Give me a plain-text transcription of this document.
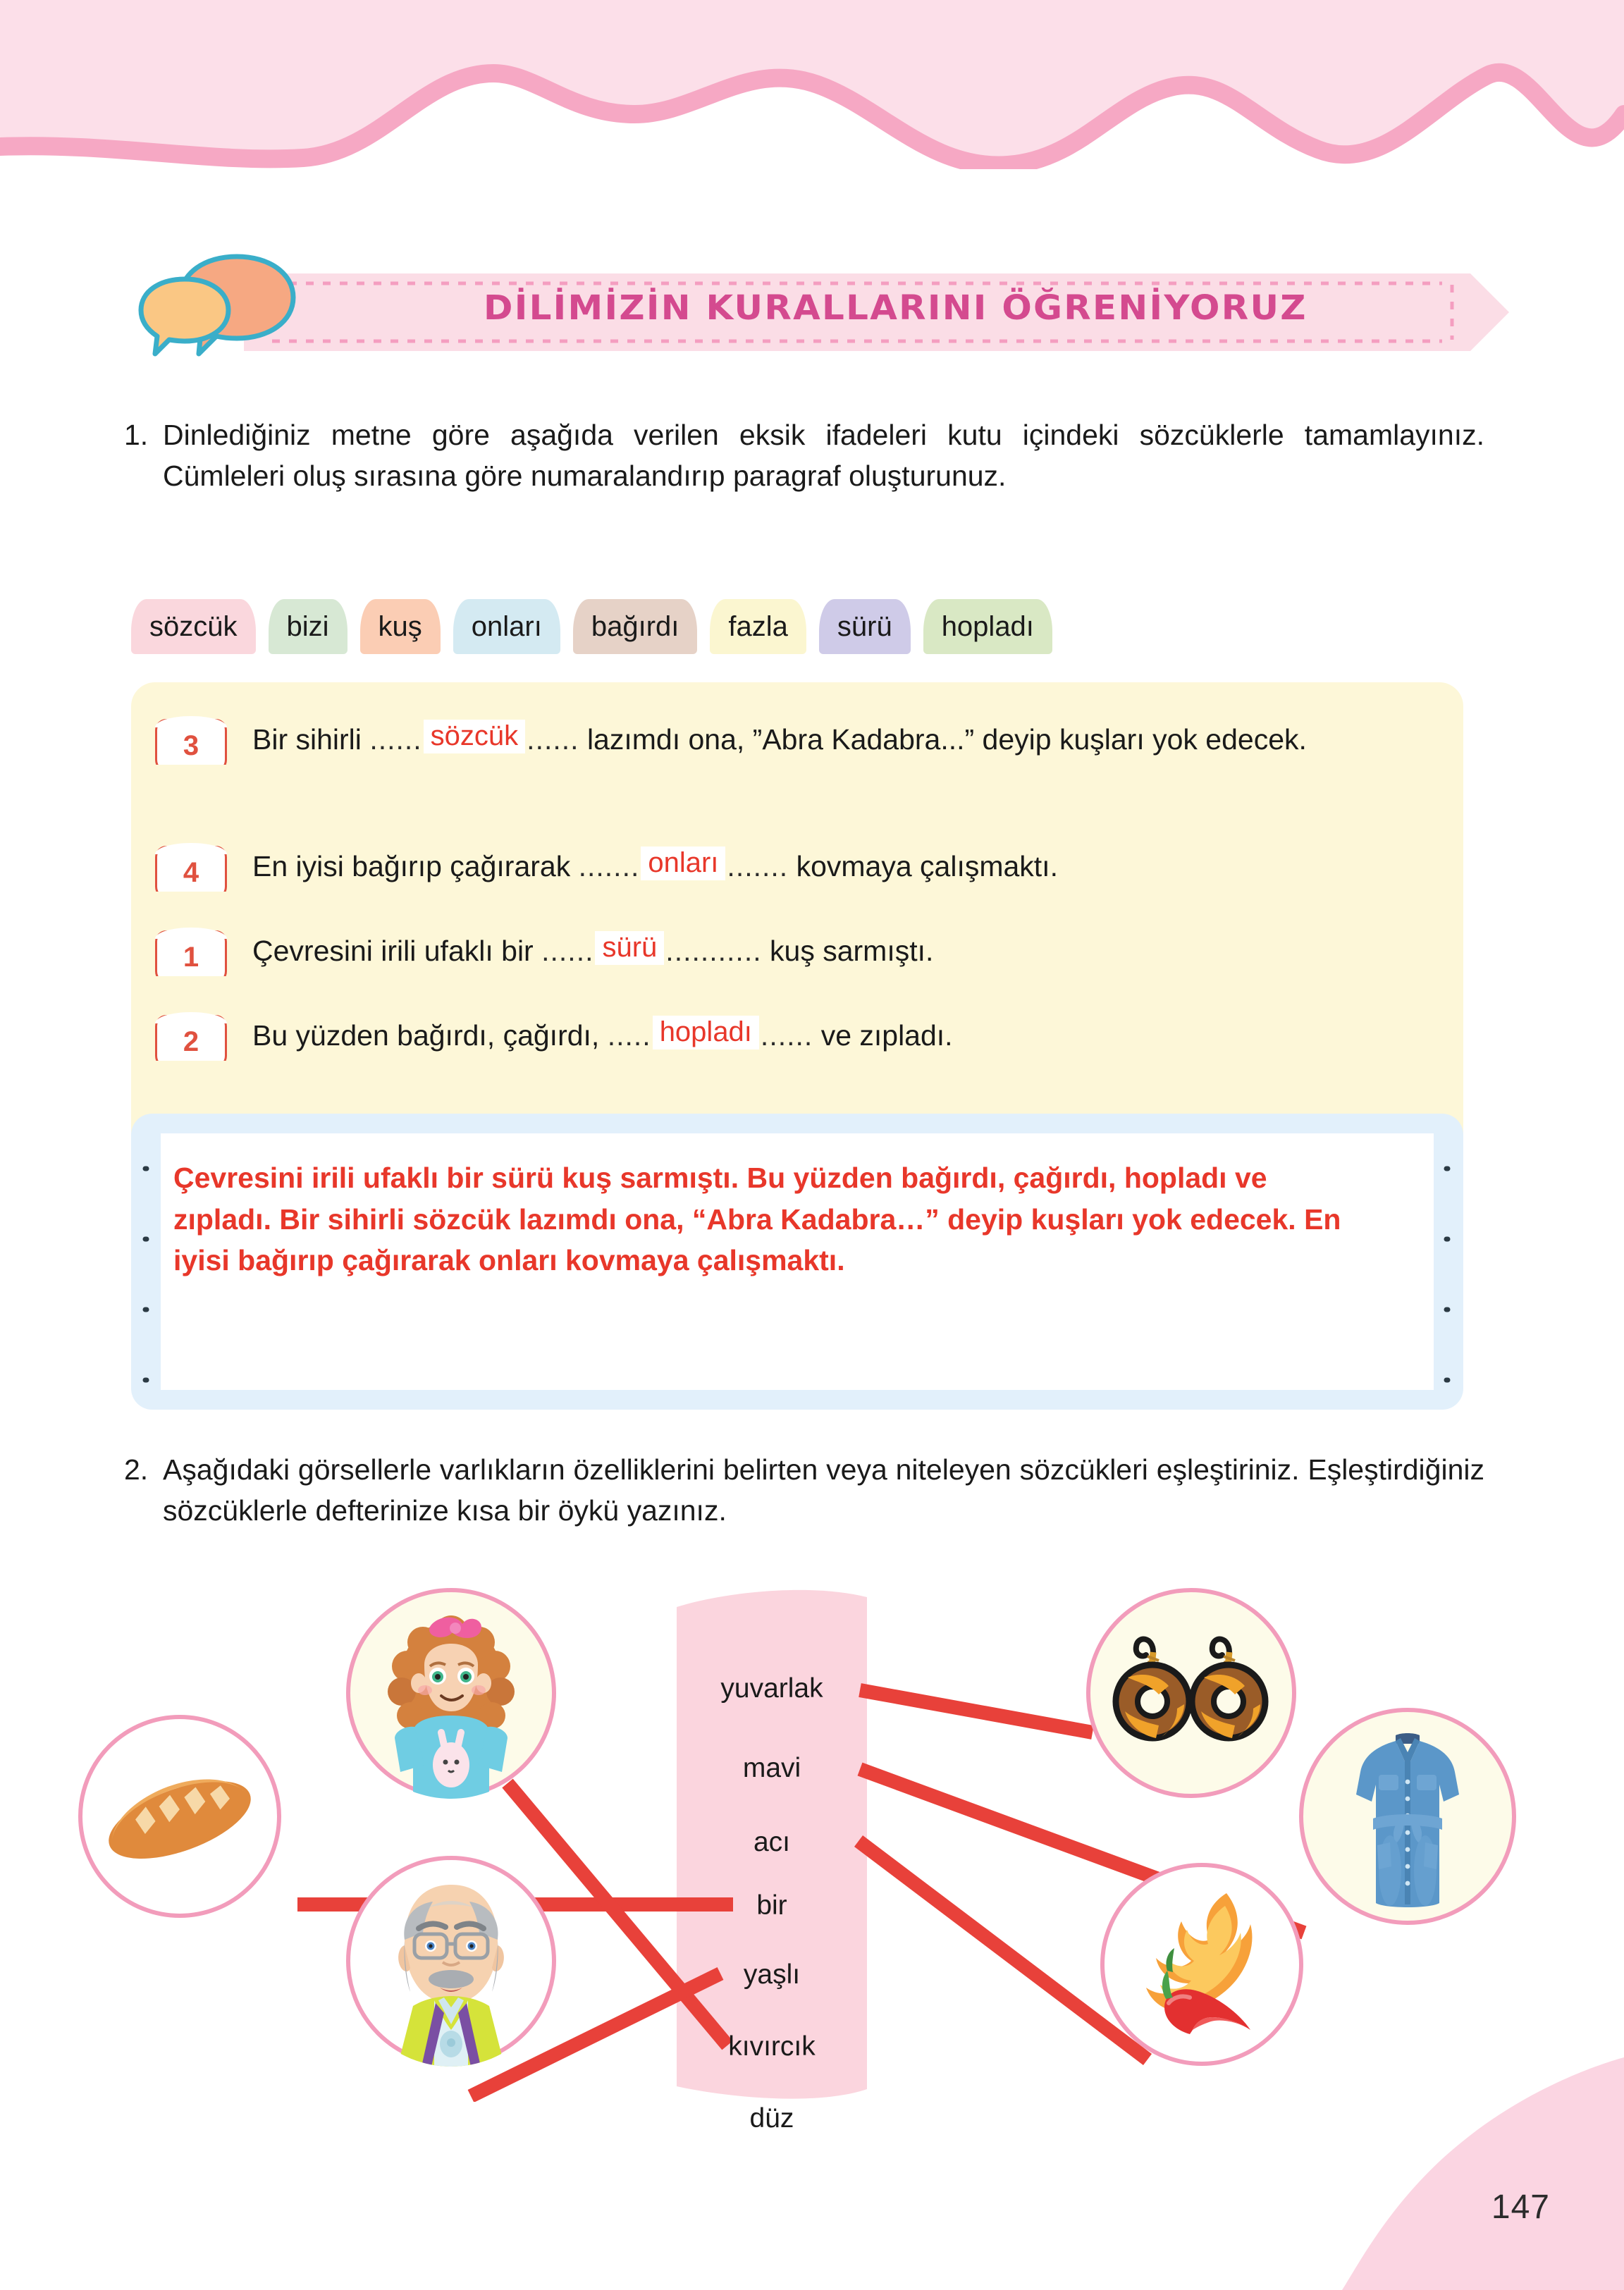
147
DİLİMİZİN KURALLARINI ÖĞRENİYORUZ
1. Dinlediğiniz metne göre aşağıda verilen eksik ifadeleri kutu içindeki sözcüklerle tamamlayınız. Cümleleri oluş sırasına göre numaralandırıp paragraf oluşturunuz.
sözcük bizi kuş onları bağırdı fazla sürü hopladı
3 Bir sihirli ...... sözcük ...... lazımdı ona, ”Abra Kadabra...” deyip kuşları yok edecek.
4 En iyisi bağırıp çağırarak ....... onları ....... kovmaya çalışmaktı.
1 Çevresini irili ufaklı bir ...... sürü ........... kuş sarmıştı.
2 Bu yüzden bağırdı, çağırdı, ..... hopladı ...... ve zıpladı.
Çevresini irili ufaklı bir sürü kuş sarmıştı. Bu yüzden bağırdı, çağırdı, hopladı ve zıpladı. Bir sihirli sözcük lazımdı ona, “Abra Kadabra…” deyip kuşları yok edecek. En iyisi bağırıp çağırarak onları kovmaya çalışmaktı.
2. Aşağıdaki görsellerle varlıkların özelliklerini belirten veya niteleyen sözcükleri eşleştiriniz. Eşleştirdiğiniz sözcüklerle defterinize kısa bir öykü yazınız.
yuvarlak
mavi
acı
bir
yaşlı
kıvırcık
düz
